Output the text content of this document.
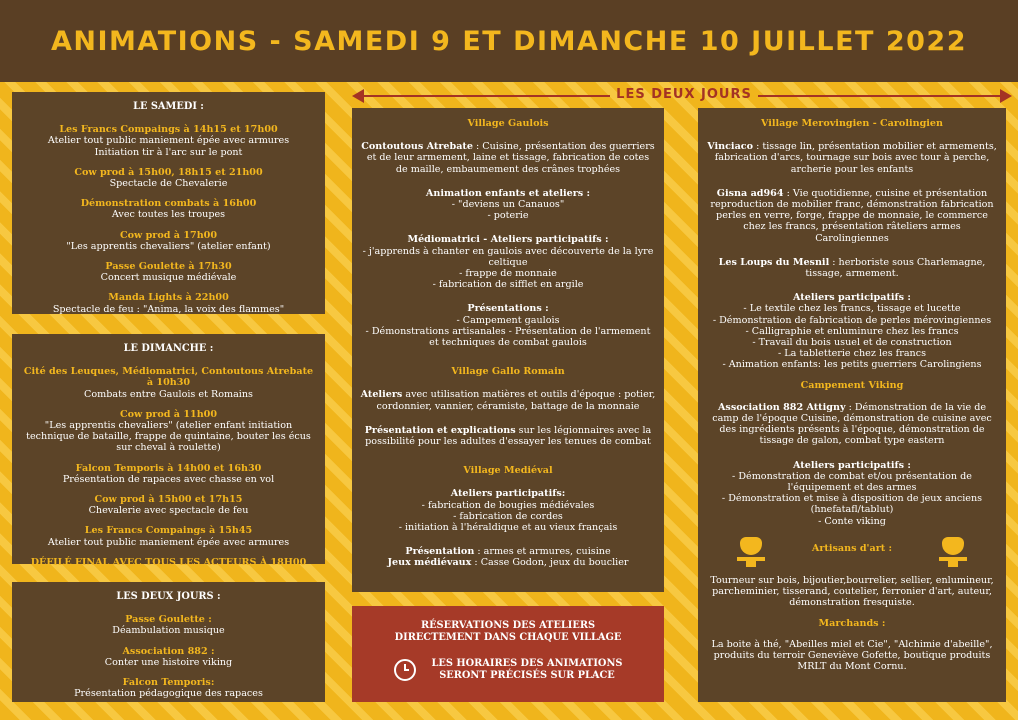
ANIMATIONS - SAMEDI 9 ET DIMANCHE 10 JUILLET 2022
LES DEUX JOURS
LE SAMEDI :
Les Francs Compaings à 14h15 et 17h00
Atelier tout public maniement épée avec armures
Initiation tir à l'arc sur le pont
Cow prod à 15h00, 18h15 et 21h00
Spectacle de Chevalerie
Démonstration combats à 16h00
Avec toutes les troupes
Cow prod à 17h00
"Les apprentis chevaliers" (atelier enfant)
Passe Goulette à 17h30
Concert musique médiévale
Manda Lights à 22h00
Spectacle de feu : "Anima, la voix des flammes"
LE DIMANCHE :
Cité des Leuques, Médiomatrici, Contoutous Atrebate à 10h30
Combats entre Gaulois et Romains
Cow prod à 11h00
"Les apprentis chevaliers" (atelier enfant initiation technique de bataille, frappe de quintaine, bouter les écus sur cheval à roulette)
Falcon Temporis à 14h00 et 16h30
Présentation de rapaces avec chasse en vol
Cow prod à 15h00 et 17h15
Chevalerie avec spectacle de feu
Les Francs Compaings à 15h45
Atelier tout public maniement épée avec armures
DÉFILÉ FINAL AVEC TOUS LES ACTEURS À 18H00
LES DEUX JOURS :
Passe Goulette :
Déambulation musique
Association 882 :
Conter une histoire viking
Falcon Temporis:
Présentation pédagogique des rapaces
Village Gaulois
Contoutous Atrebate : Cuisine, présentation des guerriers et de leur armement, laine et tissage, fabrication de cotes de maille, embaumement des crânes trophées
Animation enfants et ateliers :
- "deviens un Canauos"
- poterie
Médiomatrici - Ateliers participatifs :
- j'apprends à chanter en gaulois avec découverte de la lyre celtique
- frappe de monnaie
- fabrication de sifflet en argile
Présentations :
- Campement gaulois
- Démonstrations artisanales - Présentation de l'armement et techniques de combat gaulois
Village Gallo Romain
Ateliers avec utilisation matières et outils d'époque : potier, cordonnier, vannier, céramiste, battage de la monnaie
Présentation et explications sur les légionnaires avec la possibilité pour les adultes d'essayer les tenues de combat
Village Mediéval
Ateliers participatifs:
- fabrication de bougies médiévales
- fabrication de cordes
- initiation à l'héraldique et au vieux français
Présentation : armes et armures, cuisine
Jeux médiévaux : Casse Godon, jeux du bouclier
RÉSERVATIONS DES ATELIERS
DIRECTEMENT DANS CHAQUE VILLAGE
LES HORAIRES DES ANIMATIONS
SERONT PRÉCISÉS SUR PLACE
Village Merovingien - Carolingien
Vinciaco : tissage lin, présentation mobilier et armements, fabrication d'arcs, tournage sur bois avec tour à perche, archerie pour les enfants
Gisna ad964 : Vie quotidienne, cuisine et présentation reproduction de mobilier franc, démonstration fabrication perles en verre, forge, frappe de monnaie, le commerce chez les francs, présentation râteliers armes Carolingiennes
Les Loups du Mesnil : herboriste sous Charlemagne, tissage, armement.
Ateliers participatifs :
- Le textile chez les francs, tissage et lucette
- Démonstration de fabrication de perles mérovingiennes
- Calligraphie et enluminure chez les francs
- Travail du bois usuel et de construction
- La tabletterie chez les francs
- Animation enfants: les petits guerriers Carolingiens
Campement Viking
Association 882 Attigny : Démonstration de la vie de camp de l'époque Cuisine, démonstration de cuisine avec des ingrédients présents à l'époque, démonstration de tissage de galon, combat type eastern
Ateliers participatifs :
- Démonstration de combat et/ou présentation de l'équipement et des armes
- Démonstration et mise à disposition de jeux anciens (hnefatafl/tablut)
- Conte viking
Artisans d'art :
Tourneur sur bois, bijoutier,bourrelier, sellier, enlumineur, parcheminier, tisserand, coutelier, ferronier d'art, auteur, démonstration fresquiste.
Marchands :
La boite à thé, "Abeilles miel et Cie", "Alchimie d'abeille", produits du terroir Geneviève Gofette, boutique produits MRLT du Mont Cornu.
